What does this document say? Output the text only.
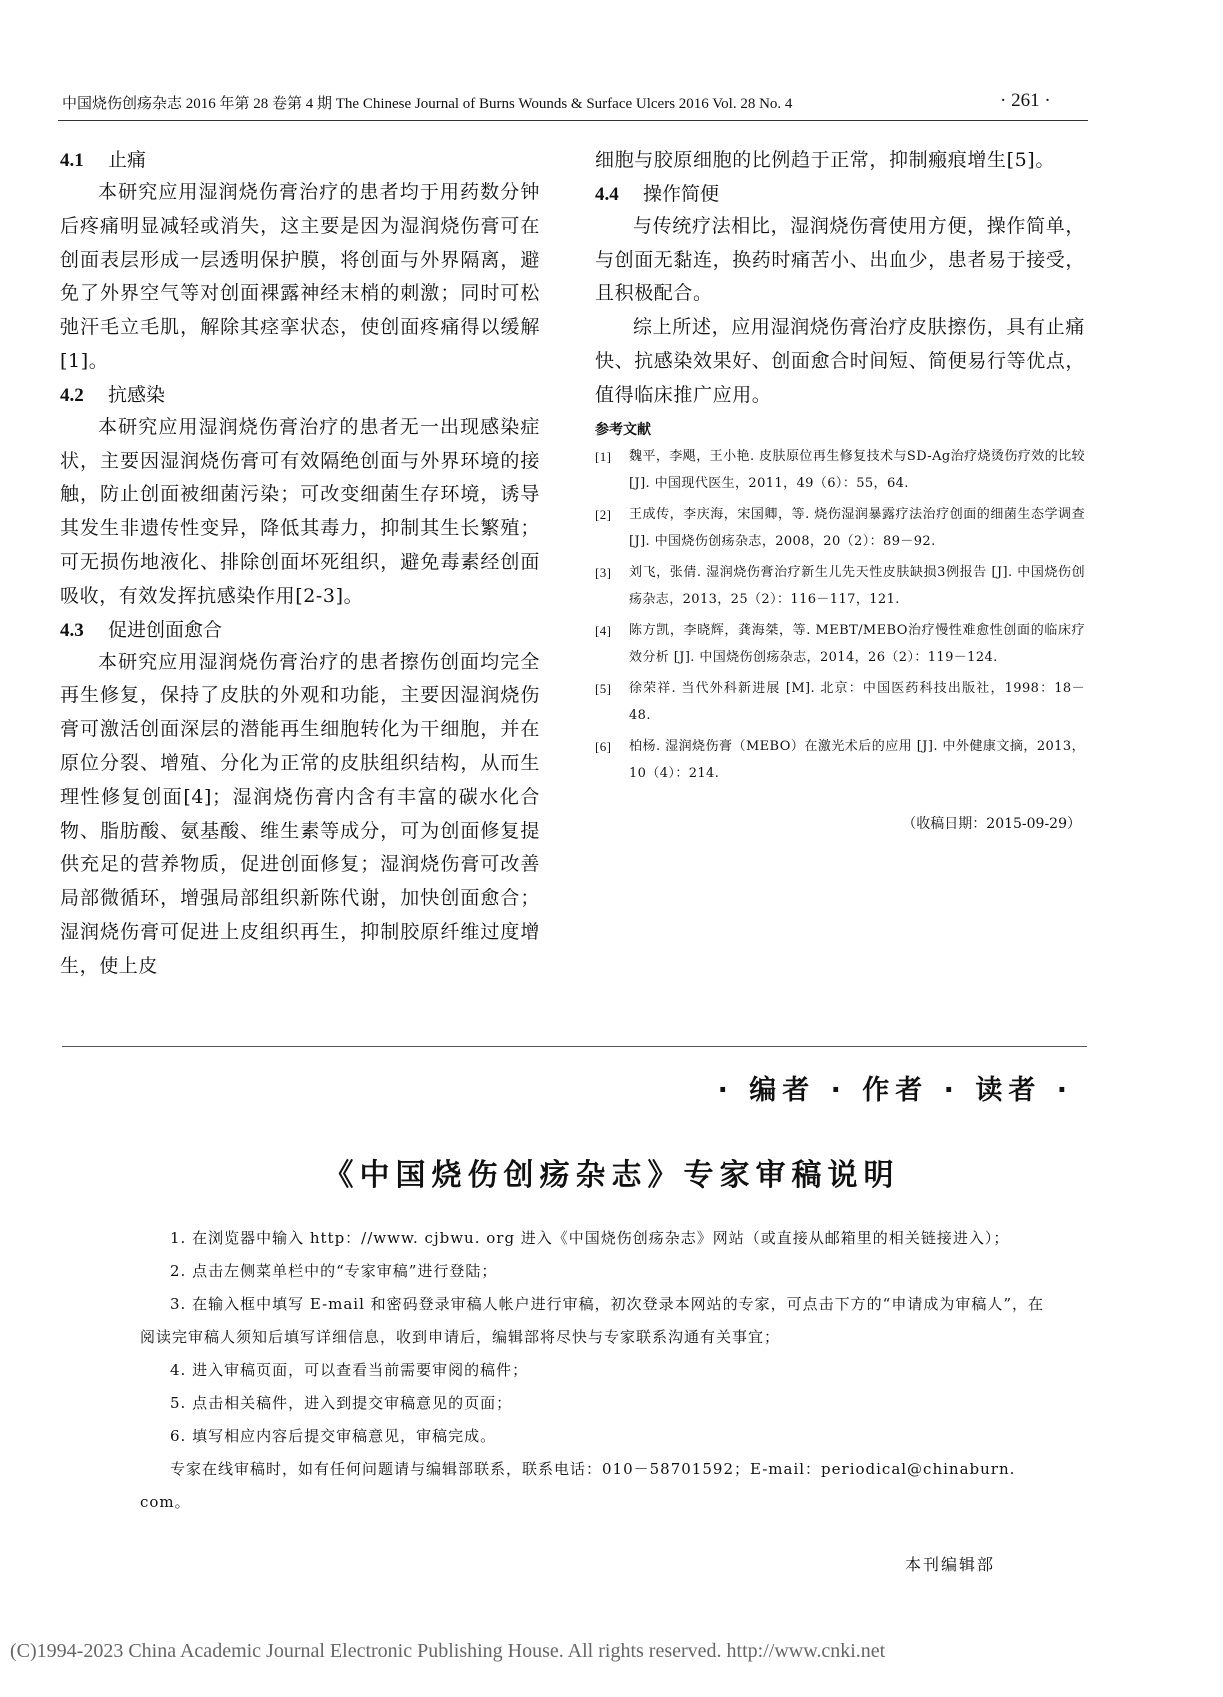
中国烧伤创疡杂志 2016 年第 28 卷第 4 期 The Chinese Journal of Burns Wounds & Surface Ulcers 2016 Vol. 28 No. 4	· 261 ·
4.1 止痛

本研究应用湿润烧伤膏治疗的患者均于用药数分钟后疼痛明显减轻或消失，这主要是因为湿润烧伤膏可在创面表层形成一层透明保护膜，将创面与外界隔离，避免了外界空气等对创面裸露神经末梢的刺激；同时可松弛汗毛立毛肌，解除其痉挛状态，使创面疼痛得以缓解[1]。

4.2 抗感染

本研究应用湿润烧伤膏治疗的患者无一出现感染症状，主要因湿润烧伤膏可有效隔绝创面与外界环境的接触，防止创面被细菌污染；可改变细菌生存环境，诱导其发生非遗传性变异，降低其毒力，抑制其生长繁殖；可无损伤地液化、排除创面坏死组织，避免毒素经创面吸收，有效发挥抗感染作用[2-3]。

4.3 促进创面愈合

本研究应用湿润烧伤膏治疗的患者擦伤创面均完全再生修复，保持了皮肤的外观和功能，主要因湿润烧伤膏可激活创面深层的潜能再生细胞转化为干细胞，并在原位分裂、增殖、分化为正常的皮肤组织结构，从而生理性修复创面[4]；湿润烧伤膏内含有丰富的碳水化合物、脂肪酸、氨基酸、维生素等成分，可为创面修复提供充足的营养物质，促进创面修复；湿润烧伤膏可改善局部微循环，增强局部组织新陈代谢，加快创面愈合；湿润烧伤膏可促进上皮组织再生，抑制胶原纤维过度增生，使上皮

细胞与胶原细胞的比例趋于正常，抑制瘢痕增生[5]。

4.4 操作简便

与传统疗法相比，湿润烧伤膏使用方便，操作简单，与创面无黏连，换药时痛苦小、出血少，患者易于接受，且积极配合。

综上所述，应用湿润烧伤膏治疗皮肤擦伤，具有止痛快、抗感染效果好、创面愈合时间短、简便易行等优点，值得临床推广应用。

参考文献
[1]	魏平，李飓，王小艳. 皮肤原位再生修复技术与SD-Ag治疗烧烫伤疗效的比较 [J]. 中国现代医生，2011，49（6）：55，64.
[2]	王成传，李庆海，宋国卿，等. 烧伤湿润暴露疗法治疗创面的细菌生态学调查 [J]. 中国烧伤创疡杂志，2008，20（2）：89－92.
[3]	刘飞，张倩. 湿润烧伤膏治疗新生儿先天性皮肤缺损3例报告 [J]. 中国烧伤创疡杂志，2013，25（2）：116－117，121.
[4]	陈方凯，李晓辉，龚海桀，等. MEBT/MEBO治疗慢性难愈性创面的临床疗效分析 [J]. 中国烧伤创疡杂志，2014，26（2）：119－124.
[5]	徐荣祥. 当代外科新进展 [M]. 北京：中国医药科技出版社，1998：18－48.
[6]	柏杨. 湿润烧伤膏（MEBO）在激光术后的应用 [J]. 中外健康文摘，2013，10（4）：214.
（收稿日期：2015-09-29）
· 编者 · 作者 · 读者 ·
《中国烧伤创疡杂志》专家审稿说明

1. 在浏览器中输入 http：//www. cjbwu. org 进入《中国烧伤创疡杂志》网站（或直接从邮箱里的相关链接进入）；

2. 点击左侧菜单栏中的“专家审稿”进行登陆；

3. 在输入框中填写 E-mail 和密码登录审稿人帐户进行审稿，初次登录本网站的专家，可点击下方的“申请成为审稿人”，在阅读完审稿人须知后填写详细信息，收到申请后，编辑部将尽快与专家联系沟通有关事宜；

4. 进入审稿页面，可以查看当前需要审阅的稿件；

5. 点击相关稿件，进入到提交审稿意见的页面；

6. 填写相应内容后提交审稿意见，审稿完成。

专家在线审稿时，如有任何问题请与编辑部联系，联系电话：010－58701592；E-mail：periodical@chinaburn. com。

本刊编辑部
(C)1994-2023 China Academic Journal Electronic Publishing House. All rights reserved. http://www.cnki.net
